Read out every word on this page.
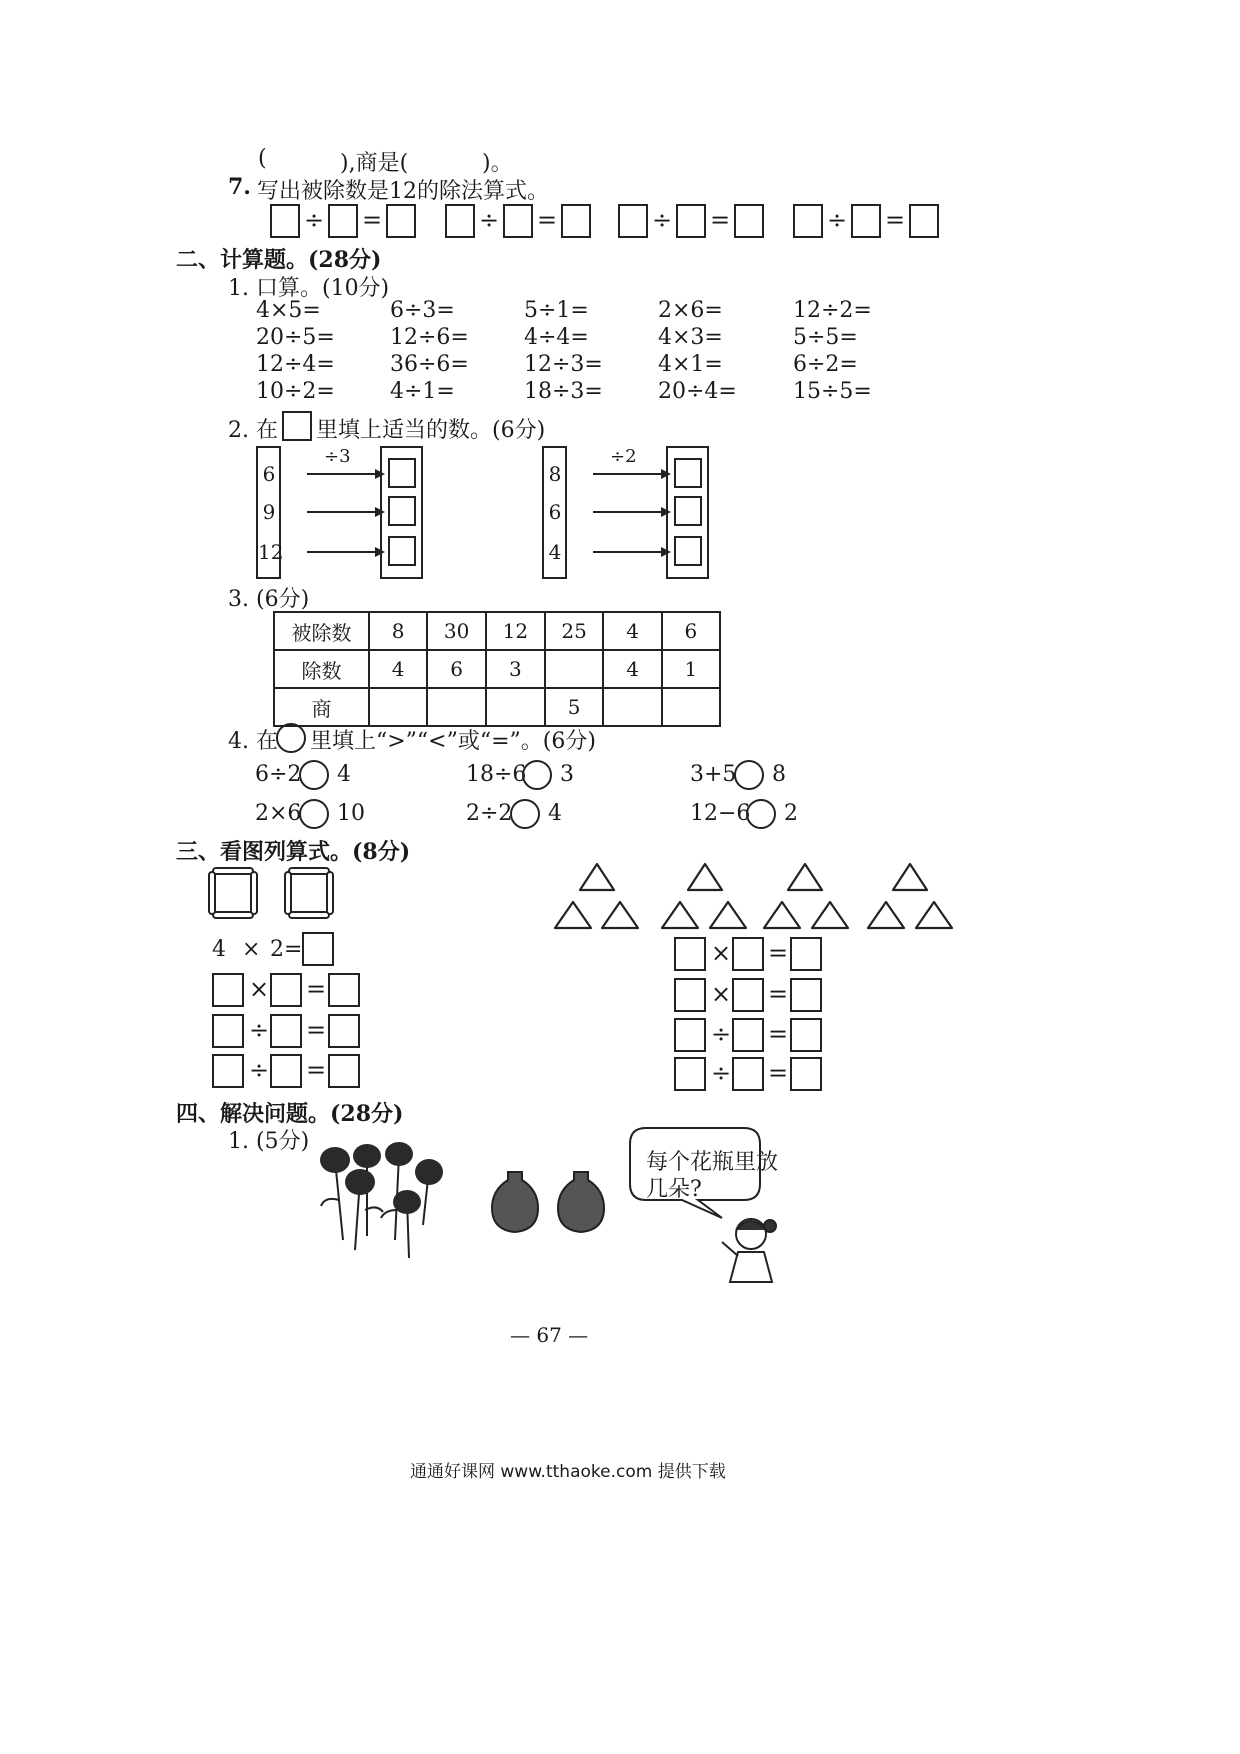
(	),商是(	)。
7. 写出被除数是12的除法算式。
÷ =	÷ =	÷ =	÷ =
二、计算题。(28分)
1. 口算。(10分)
4×5=	6÷3=	5÷1=	2×6=	12÷2=
20÷5=	12÷6=	4÷4=	4×3=	5÷5=
12÷4=	36÷6=	12÷3=	4×1=	6÷2=
10÷2=	4÷1=	18÷3=	20÷4=	15÷5=
2. 在 里填上适当的数。(6分)
6
9
12
÷3
8
6
4
÷2
3. (6分)
被除数	8	30	12	25	4	6
除数	4	6	3		4	1
商				5		
4. 在 里填上“>”“<”或“=”。(6分)
6÷2 4	18÷6 3	3+5 8
2×6 10	2÷2 4	12−6 2
三、看图列算式。(8分)
4 × 2 =
× =
÷ =
÷ =
× =
× =
÷ =
÷ =
四、解决问题。(28分)
1. (5分)
每个花瓶里放
几朵?
— 67 —
通通好课网 www.tthaoke.com 提供下载
